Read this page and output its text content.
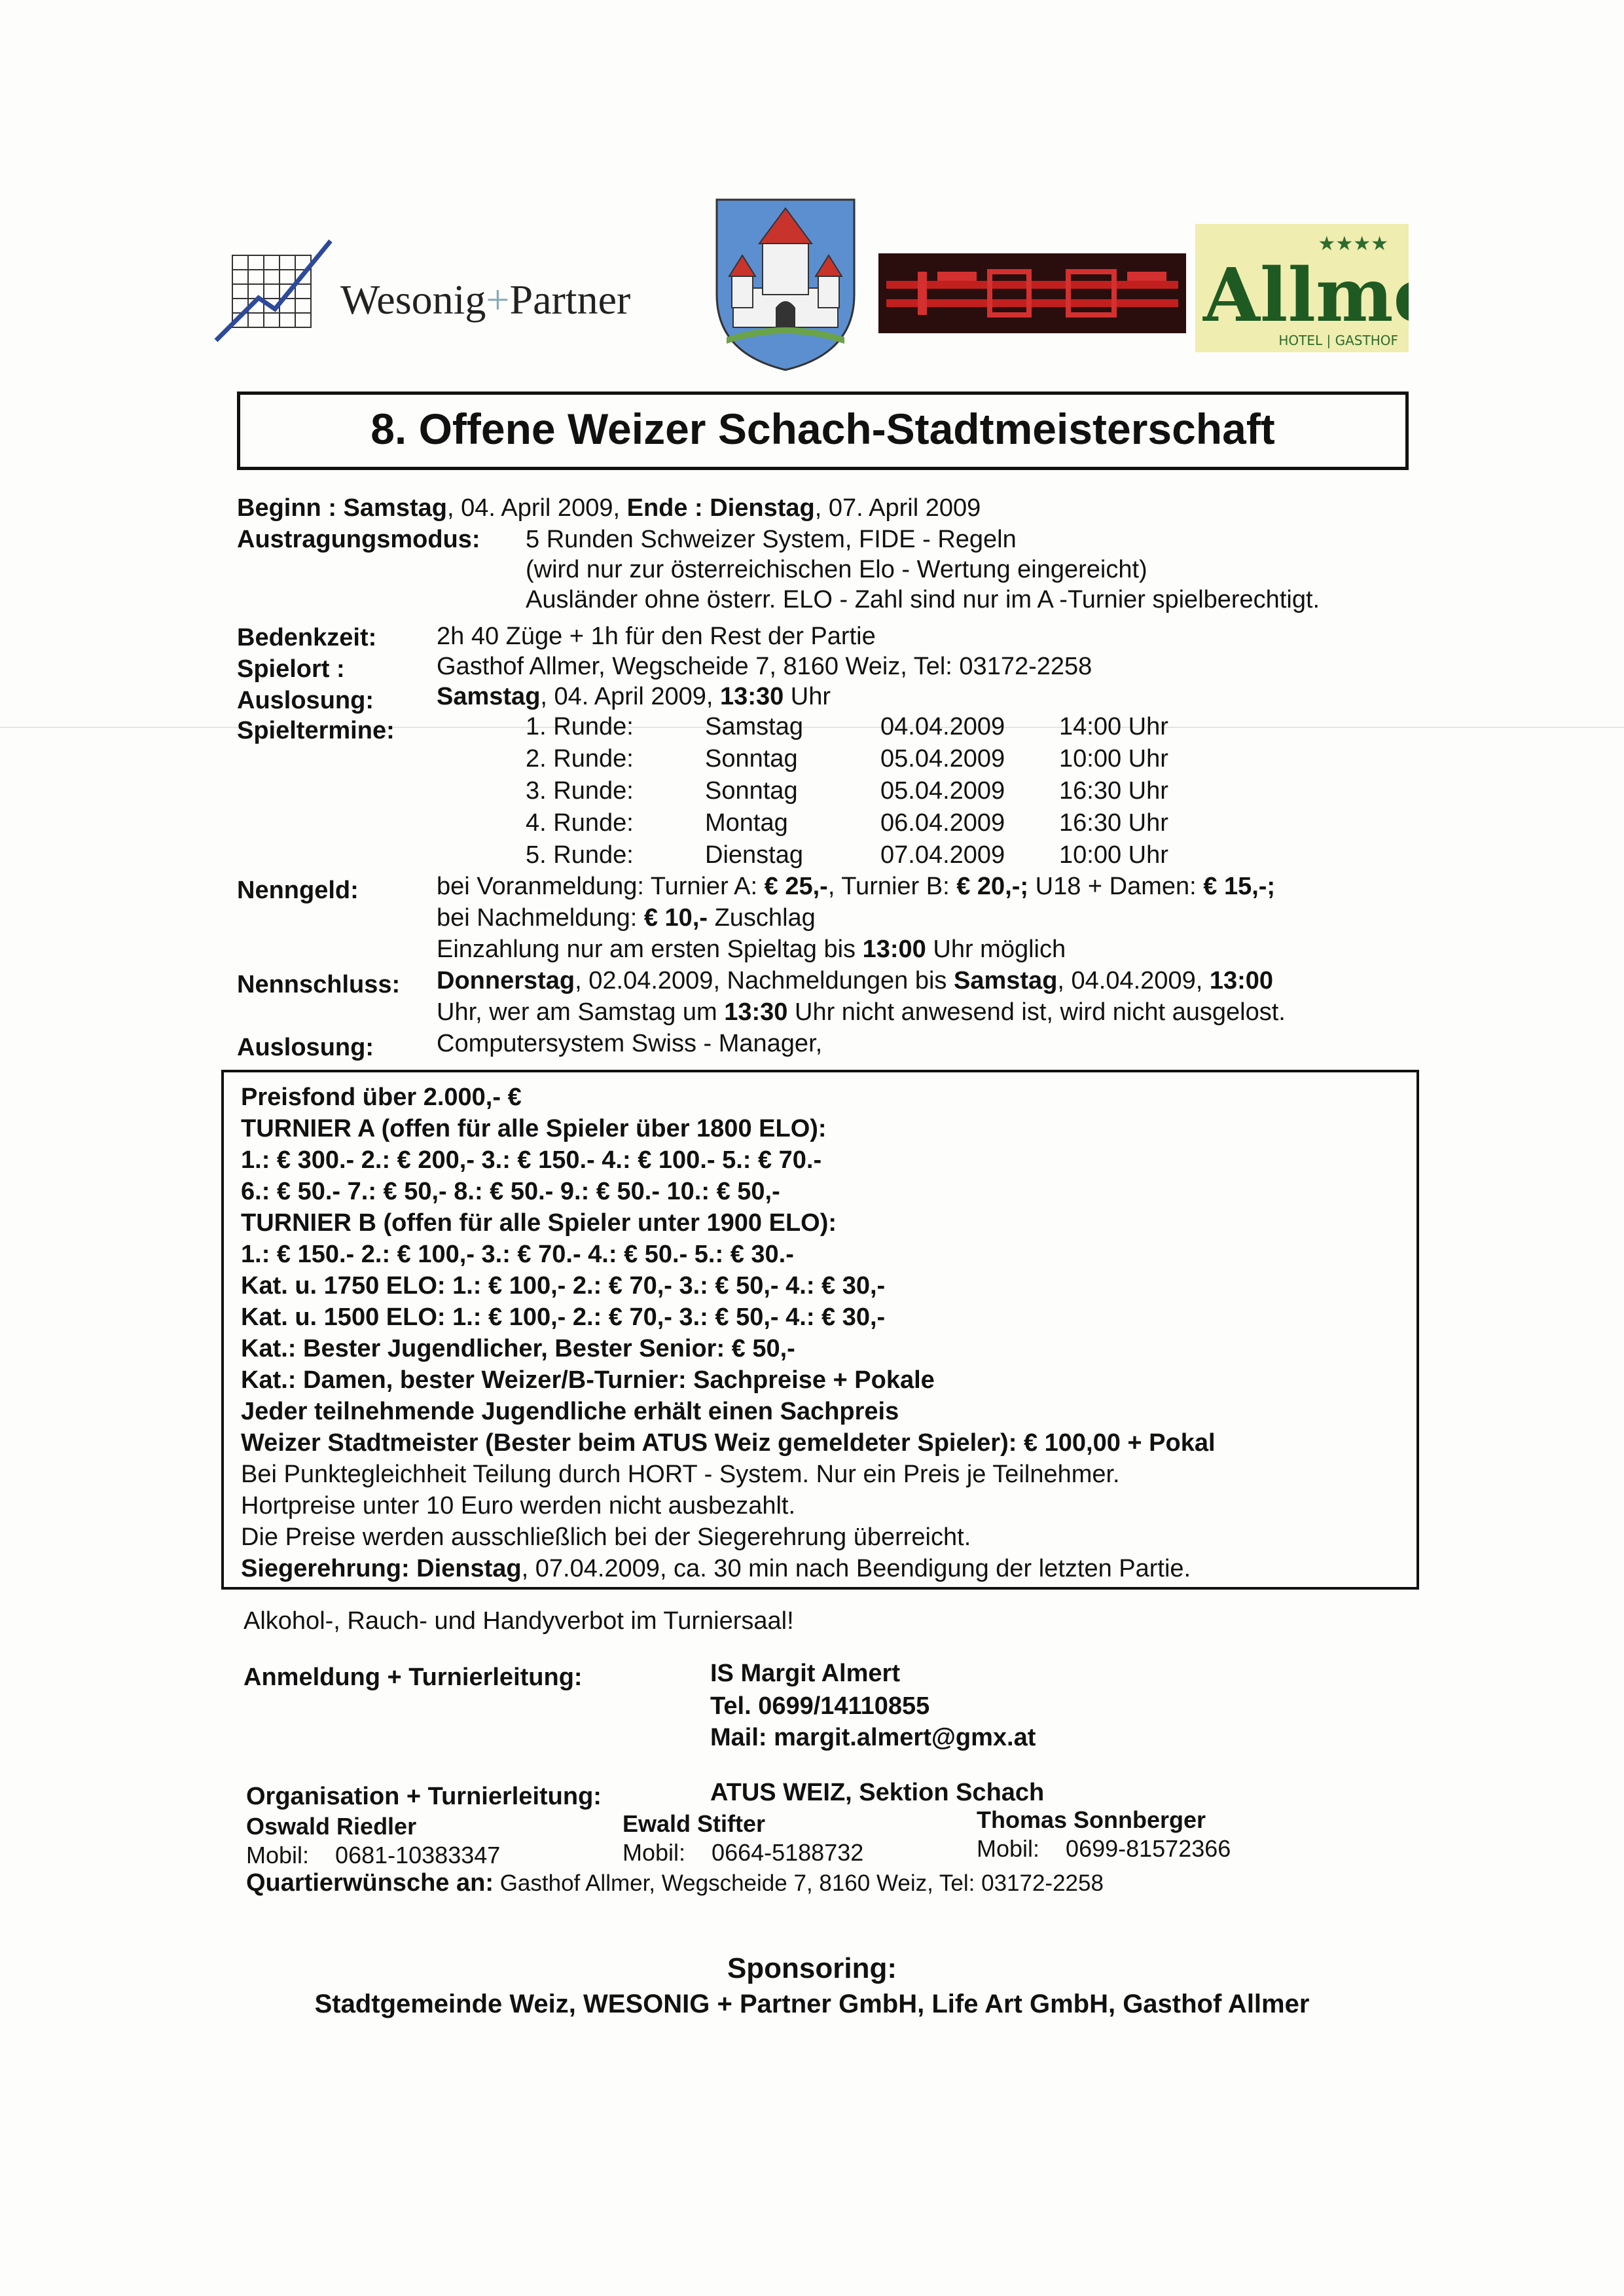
Wesonig+Partner
★★★★
Allm
HOTEL | GASTHOF
8. Offene Weizer Schach-Stadtmeisterschaft
Beginn : Samstag, 04. April 2009, Ende : Dienstag, 07. April 2009
Austragungsmodus: 5 Runden Schweizer System, FIDE - Regeln
(wird nur zur österreichischen Elo - Wertung eingereicht)
Ausländer ohne österr. ELO - Zahl sind nur im A -Turnier spielberechtigt.
Bedenkzeit: 2h 40 Züge + 1h für den Rest der Partie
Spielort :	Gasthof Allmer, Wegscheide 7, 8160 Weiz, Tel: 03172-2258
Auslosung:	Samstag, 04. April 2009, 13:30 Uhr
Spieltermine:	1. Runde:	Samstag	04.04.2009 14:00 Uhr
2. Runde:	Sonntag	05.04.2009 10:00 Uhr
3. Runde:	Sonntag	05.04.2009 16:30 Uhr
4. Runde:	Montag	06.04.2009 16:30 Uhr
5. Runde:	Dienstag	07.04.2009 10:00 Uhr
Nenngeld:	bei Voranmeldung: Turnier A: € 25,-, Turnier B: € 20,-; U18 + Damen: € 15,-;
bei Nachmeldung: € 10,- Zuschlag
Einzahlung nur am ersten Spieltag bis 13:00 Uhr möglich
Nennschluss: Donnerstag, 02.04.2009, Nachmeldungen bis Samstag, 04.04.2009, 13:00
Uhr, wer am Samstag um 13:30 Uhr nicht anwesend ist, wird nicht ausgelost.
Auslosung:	Computersystem Swiss - Manager,
Preisfond über 2.000,- €
TURNIER A (offen für alle Spieler über 1800 ELO):
1.: € 300.- 2.: € 200,- 3.: € 150.- 4.: € 100.- 5.: € 70.-
6.: € 50.- 7.: € 50,- 8.: € 50.- 9.: € 50.- 10.: € 50,-
TURNIER B (offen für alle Spieler unter 1900 ELO):
1.: € 150.- 2.: € 100,- 3.: € 70.- 4.: € 50.- 5.: € 30.-
Kat. u. 1750 ELO: 1.: € 100,- 2.: € 70,- 3.: € 50,- 4.: € 30,-
Kat. u. 1500 ELO: 1.: € 100,- 2.: € 70,- 3.: € 50,- 4.: € 30,-
Kat.: Bester Jugendlicher, Bester Senior: € 50,-
Kat.: Damen, bester Weizer/B-Turnier: Sachpreise + Pokale
Jeder teilnehmende Jugendliche erhält einen Sachpreis
Weizer Stadtmeister (Bester beim ATUS Weiz gemeldeter Spieler): € 100,00 + Pokal
Bei Punktegleichheit Teilung durch HORT - System. Nur ein Preis je Teilnehmer.
Hortpreise unter 10 Euro werden nicht ausbezahlt.
Die Preise werden ausschließlich bei der Siegerehrung überreicht.
Siegerehrung: Dienstag, 07.04.2009, ca. 30 min nach Beendigung der letzten Partie.
Alkohol-, Rauch- und Handyverbot im Turniersaal!
Anmeldung + Turnierleitung:	IS Margit Almert
Tel. 0699/14110855
Mail: margit.almert@gmx.at
Organisation + Turnierleitung:	ATUS WEIZ, Sektion Schach
Oswald Riedler
Mobil: 0681-10383347
Ewald Stifter
Mobil: 0664-5188732
Thomas Sonnberger
Mobil: 0699-81572366
Quartierwünsche an: Gasthof Allmer, Wegscheide 7, 8160 Weiz, Tel: 03172-2258
Sponsoring:
Stadtgemeinde Weiz, WESONIG + Partner GmbH, Life Art GmbH, Gasthof Allmer
